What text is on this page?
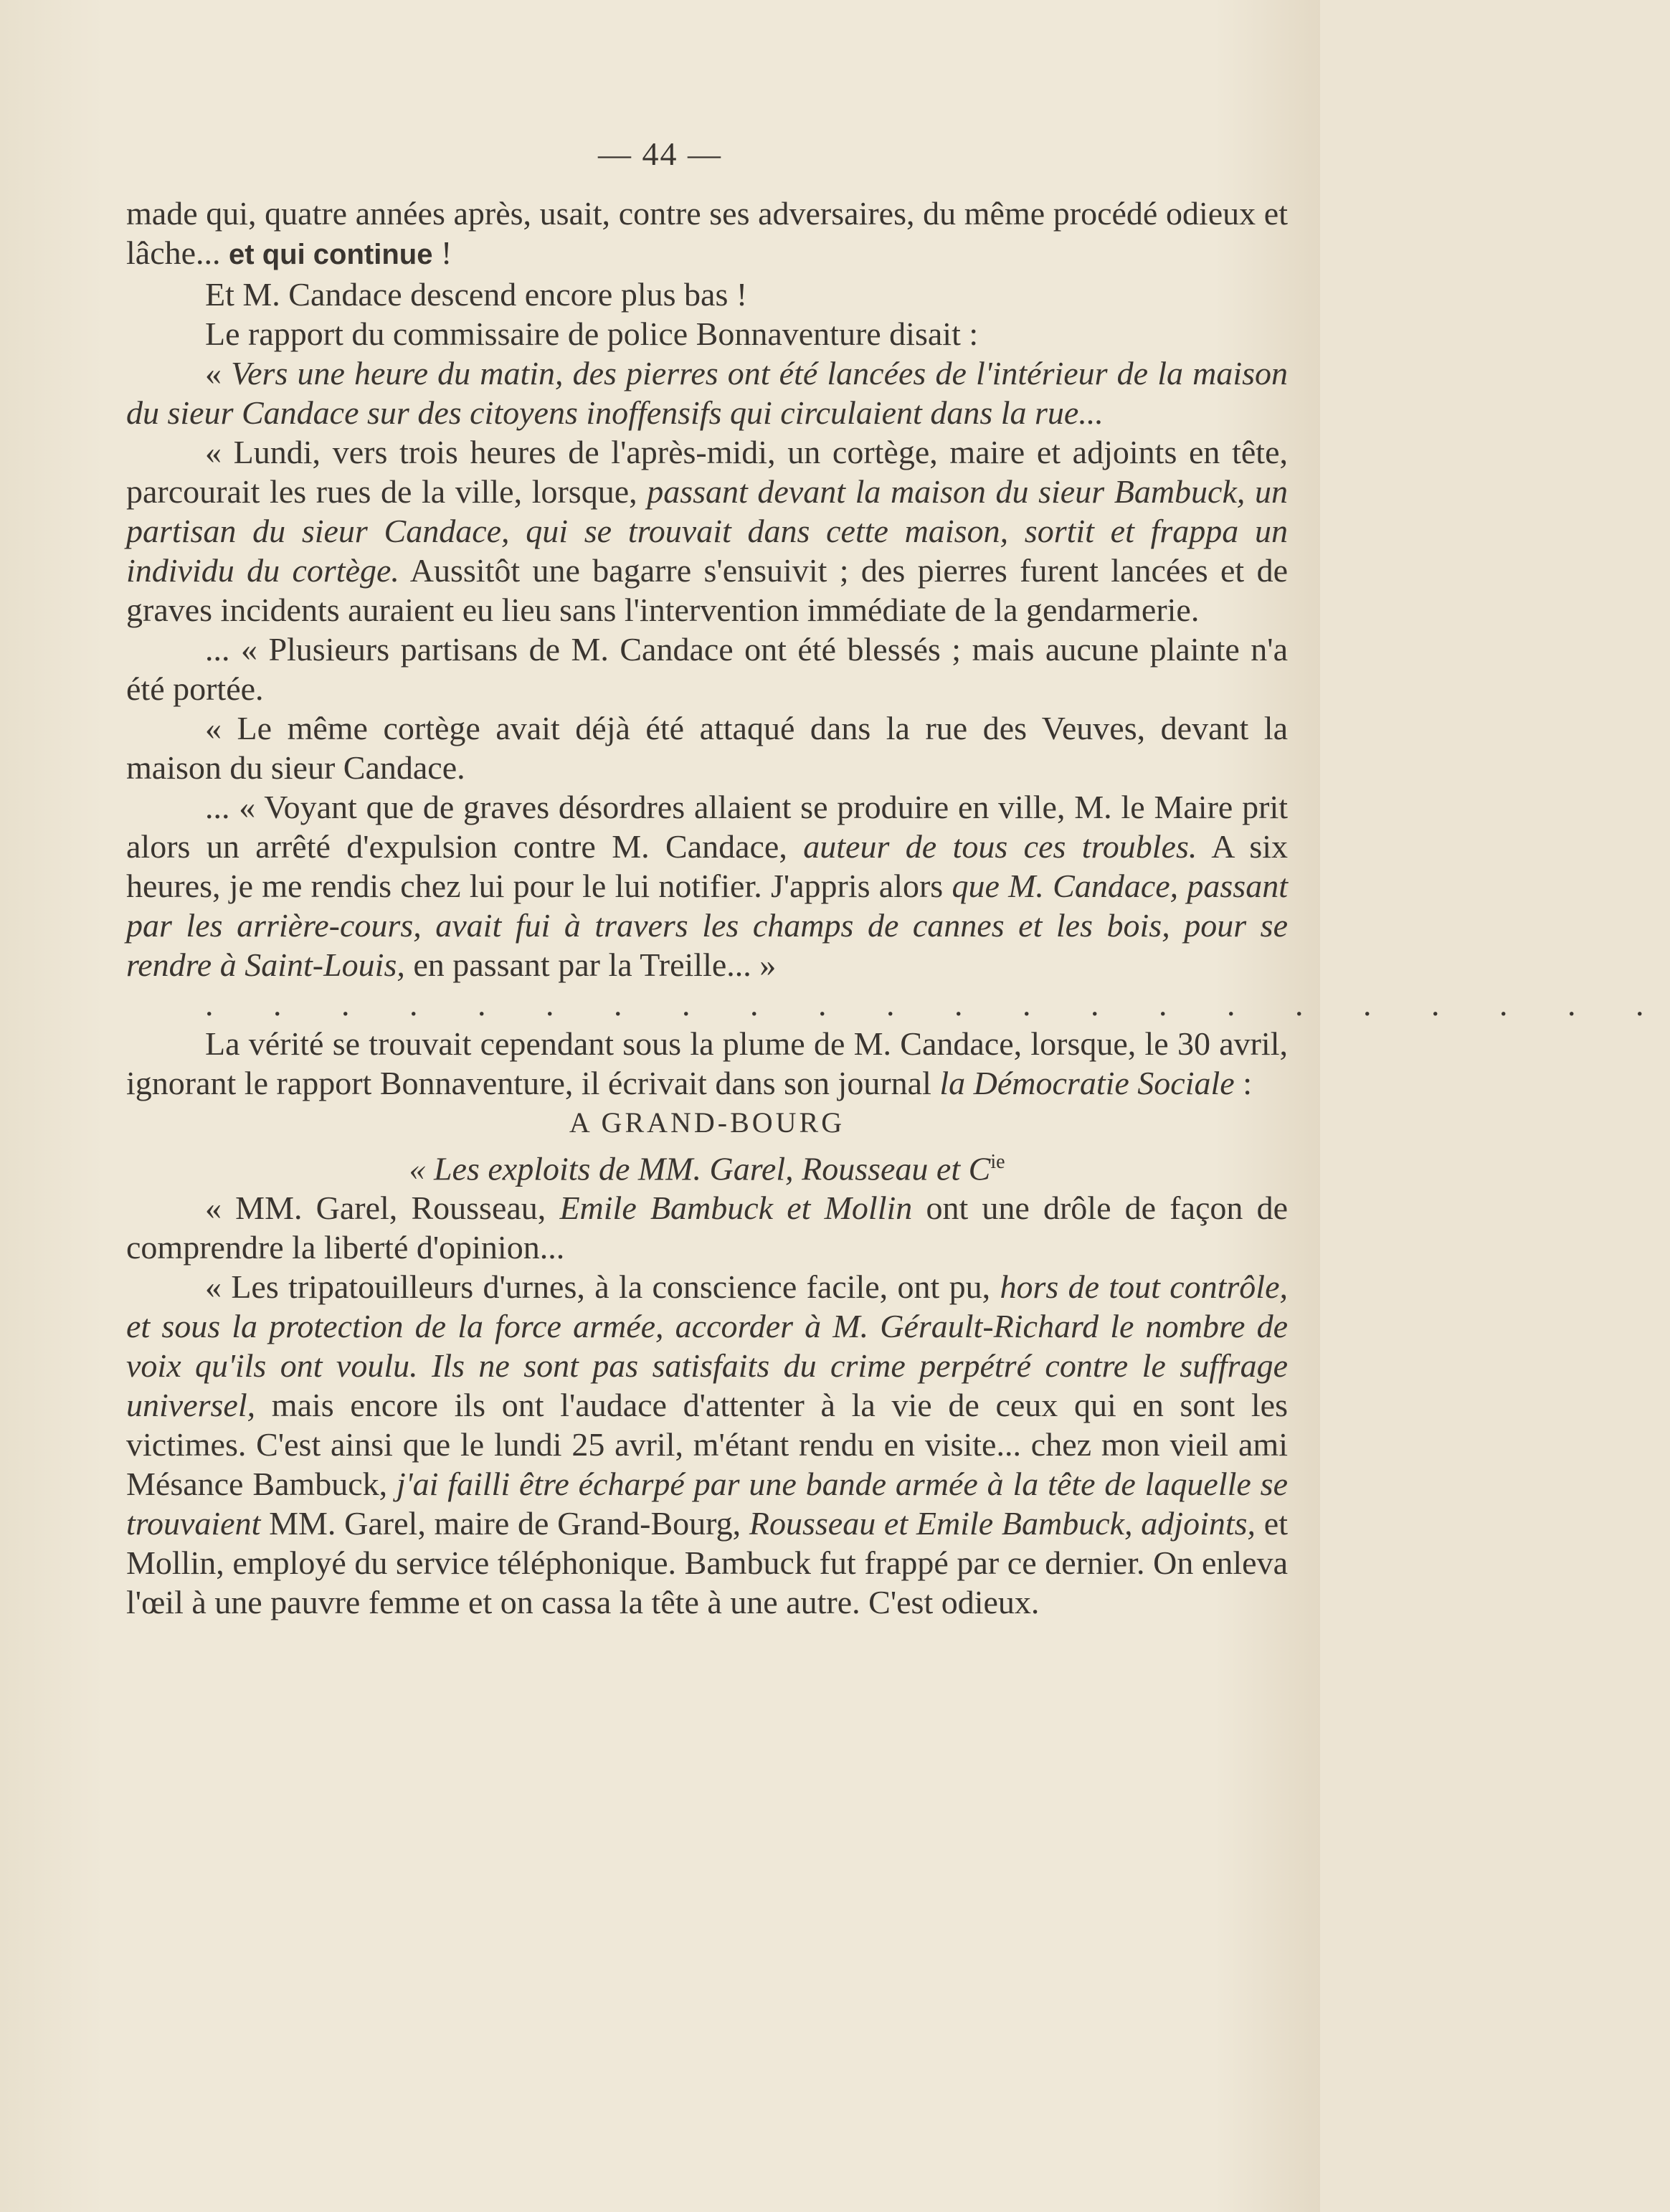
— 44 —

made qui, quatre années après, usait, contre ses adversaires, du même procédé odieux et lâche... et qui continue !

Et M. Candace descend encore plus bas !

Le rapport du commissaire de police Bonnaventure disait :

« Vers une heure du matin, des pierres ont été lancées de l'intérieur de la maison du sieur Candace sur des citoyens inoffensifs qui circulaient dans la rue...

« Lundi, vers trois heures de l'après-midi, un cortège, maire et adjoints en tête, parcourait les rues de la ville, lorsque, passant devant la maison du sieur Bambuck, un partisan du sieur Candace, qui se trouvait dans cette maison, sortit et frappa un individu du cortège. Aussitôt une bagarre s'ensuivit ; des pierres furent lancées et de graves incidents auraient eu lieu sans l'intervention immédiate de la gendarmerie.

... « Plusieurs partisans de M. Candace ont été blessés ; mais aucune plainte n'a été portée.

« Le même cortège avait déjà été attaqué dans la rue des Veuves, devant la maison du sieur Candace.

... « Voyant que de graves désordres allaient se produire en ville, M. le Maire prit alors un arrêté d'expulsion contre M. Candace, auteur de tous ces troubles. A six heures, je me rendis chez lui pour le lui notifier. J'appris alors que M. Candace, passant par les arrière-cours, avait fui à travers les champs de cannes et les bois, pour se rendre à Saint-Louis, en passant par la Treille... »

. . . . . . . . . . . . . . . . . . . . . .

La vérité se trouvait cependant sous la plume de M. Candace, lorsque, le 30 avril, ignorant le rapport Bonnaventure, il écrivait dans son journal la Démocratie Sociale :

A GRAND-BOURG

« Les exploits de MM. Garel, Rousseau et $C^{ie}$

« MM. Garel, Rousseau, Emile Bambuck et Mollin ont une drôle de façon de comprendre la liberté d'opinion...

« Les tripatouilleurs d'urnes, à la conscience facile, ont pu, hors de tout contrôle, et sous la protection de la force armée, accorder à M. Gérault-Richard le nombre de voix qu'ils ont voulu. Ils ne sont pas satisfaits du crime perpétré contre le suffrage universel, mais encore ils ont l'audace d'attenter à la vie de ceux qui en sont les victimes. C'est ainsi que le lundi 25 avril, m'étant rendu en visite... chez mon vieil ami Mésance Bambuck, j'ai failli être écharpé par une bande armée à la tête de laquelle se trouvaient MM. Garel, maire de Grand-Bourg, Rousseau et Emile Bambuck, adjoints, et Mollin, employé du service téléphonique. Bambuck fut frappé par ce dernier. On enleva l'œil à une pauvre femme et on cassa la tête à une autre. C'est odieux.
